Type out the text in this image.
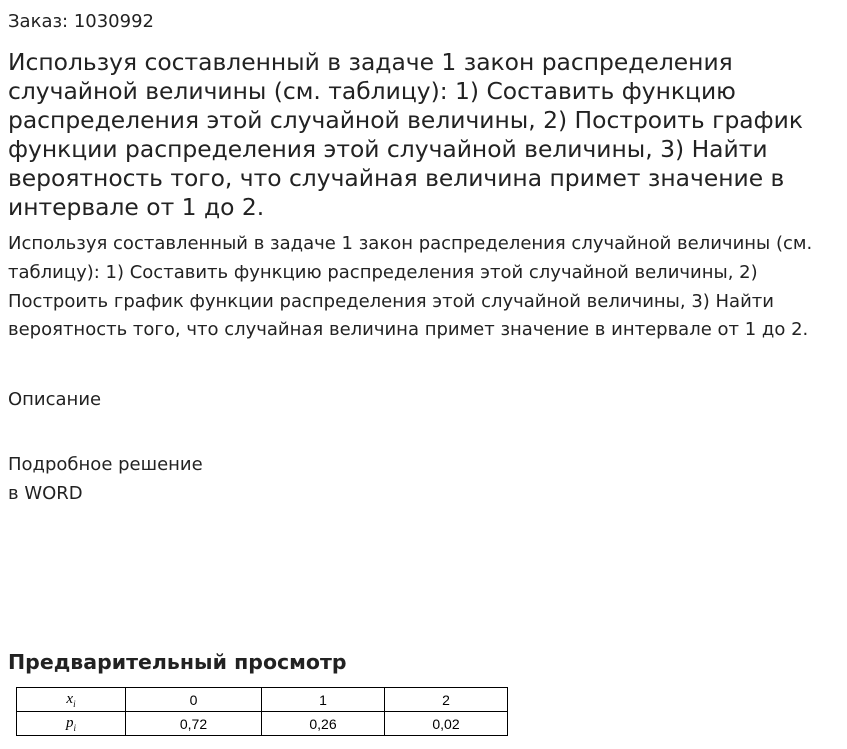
Заказ: 1030992
Используя составленный в задаче 1 закон распределения случайной величины (см. таблицу): 1) Составить функцию распределения этой случайной величины, 2) Построить график функции распределения этой случайной величины, 3) Найти вероятность того, что случайная величина примет значение в интервале от 1 до 2.

Используя составленный в задаче 1 закон распределения случайной величины (см. таблицу): 1) Составить функцию распределения этой случайной величины, 2) Построить график функции распределения этой случайной величины, 3) Найти вероятность того, что случайная величина примет значение в интервале от 1 до 2.

Описание
Подробное решение
в WORD
Предварительный просмотр
$x_i$	0	1	2
$p_i$	0,72	0,26	0,02
